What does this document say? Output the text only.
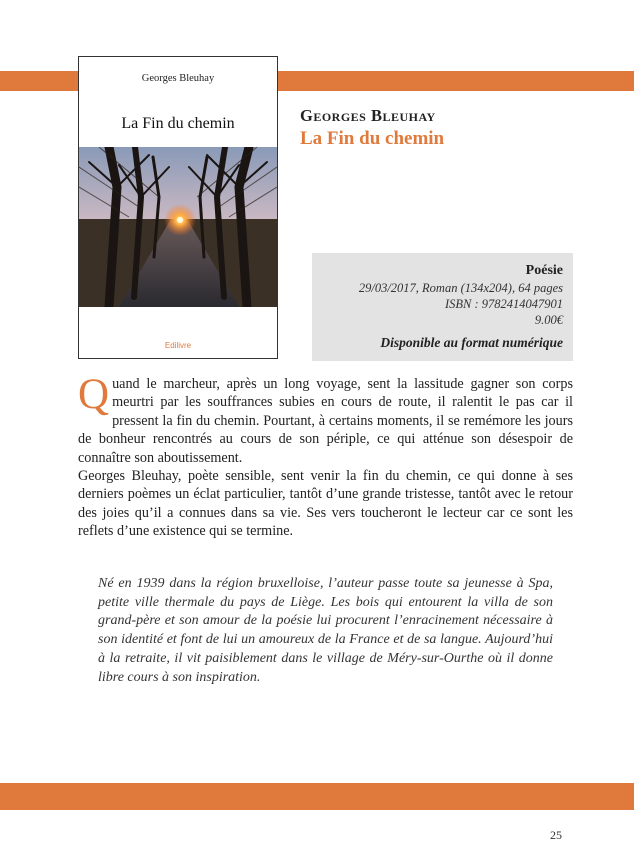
Georges Bleuhay
La Fin du chemin
Edilivre
Georges Bleuhay
La Fin du chemin
Poésie
29/03/2017, Roman (134x204), 64 pages
ISBN : 9782414047901
9.00€
Disponible au format numérique

Quand le marcheur, après un long voyage, sent la lassitude gagner son corps meurtri par les souffrances subies en cours de route, il ralentit le pas car il pressent la fin du chemin. Pourtant, à certains moments, il se remémore les jours de bonheur rencontrés au cours de son périple, ce qui atténue son désespoir de connaître son aboutissement.

Georges Bleuhay, poète sensible, sent venir la fin du chemin, ce qui donne à ses derniers poèmes un éclat particulier, tantôt d’une grande tristesse, tantôt avec le retour des joies qu’il a connues dans sa vie. Ses vers toucheront le lecteur car ce sont les reflets d’une existence qui se termine.

Né en 1939 dans la région bruxelloise, l’auteur passe toute sa jeunesse à Spa, petite ville thermale du pays de Liège. Les bois qui entourent la villa de son grand-père et son amour de la poésie lui procurent l’enracinement nécessaire à son identité et font de lui un amoureux de la France et de sa langue. Aujourd’hui à la retraite, il vit paisiblement dans le village de Méry-sur-Ourthe où il donne libre cours à son inspiration.
25
